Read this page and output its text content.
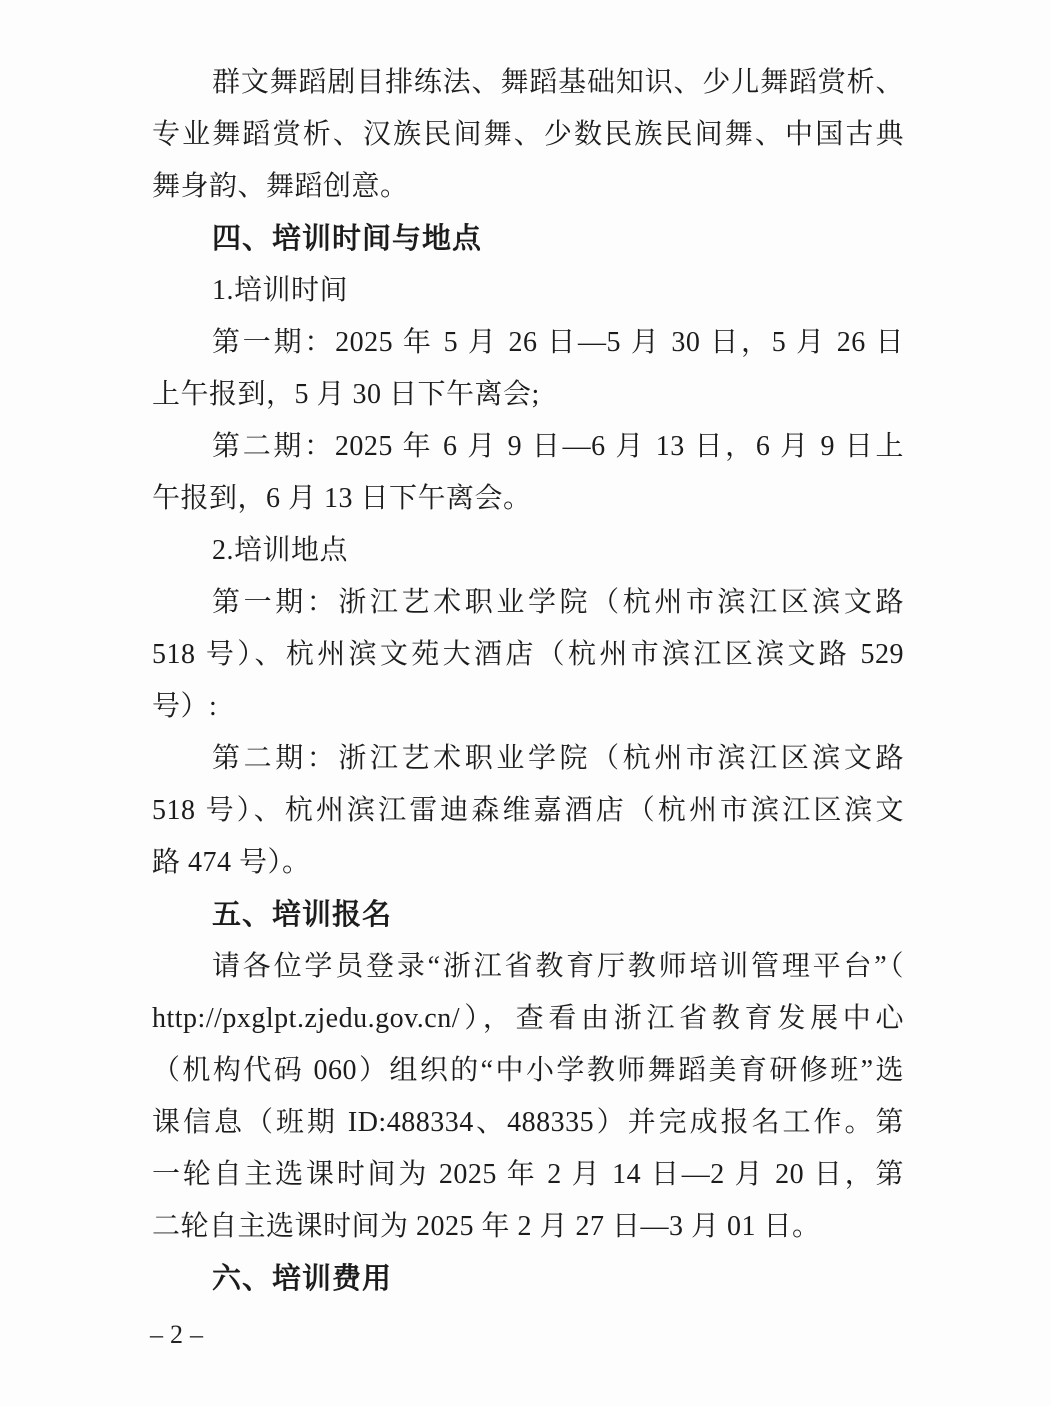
群文舞蹈剧目排练法、舞蹈基础知识、少儿舞蹈赏析、
专业舞蹈赏析、汉族民间舞、少数民族民间舞、中国古典
舞身韵、舞蹈创意。
四、培训时间与地点
1.培训时间
第一期：2025 年 5 月 26 日—5 月 30 日，5 月 26 日
上午报到，5 月 30 日下午离会;
第二期：2025 年 6 月 9 日—6 月 13 日，6 月 9 日上
午报到，6 月 13 日下午离会。
2.培训地点
第一期：浙江艺术职业学院（杭州市滨江区滨文路
518 号）、杭州滨文苑大酒店（杭州市滨江区滨文路 529
号）:
第二期：浙江艺术职业学院（杭州市滨江区滨文路
518 号）、杭州滨江雷迪森维嘉酒店（杭州市滨江区滨文
路 474 号）。
五、培训报名
请各位学员登录“浙江省教育厅教师培训管理平台”（
http://pxglpt.zjedu.gov.cn/），查看由浙江省教育发展中心
（机构代码 060）组织的“中小学教师舞蹈美育研修班”选
课信息（班期 ID:488334、488335）并完成报名工作。第
一轮自主选课时间为 2025 年 2 月 14 日—2 月 20 日，第
二轮自主选课时间为 2025 年 2 月 27 日—3 月 01 日。
六、培训费用
–2–
